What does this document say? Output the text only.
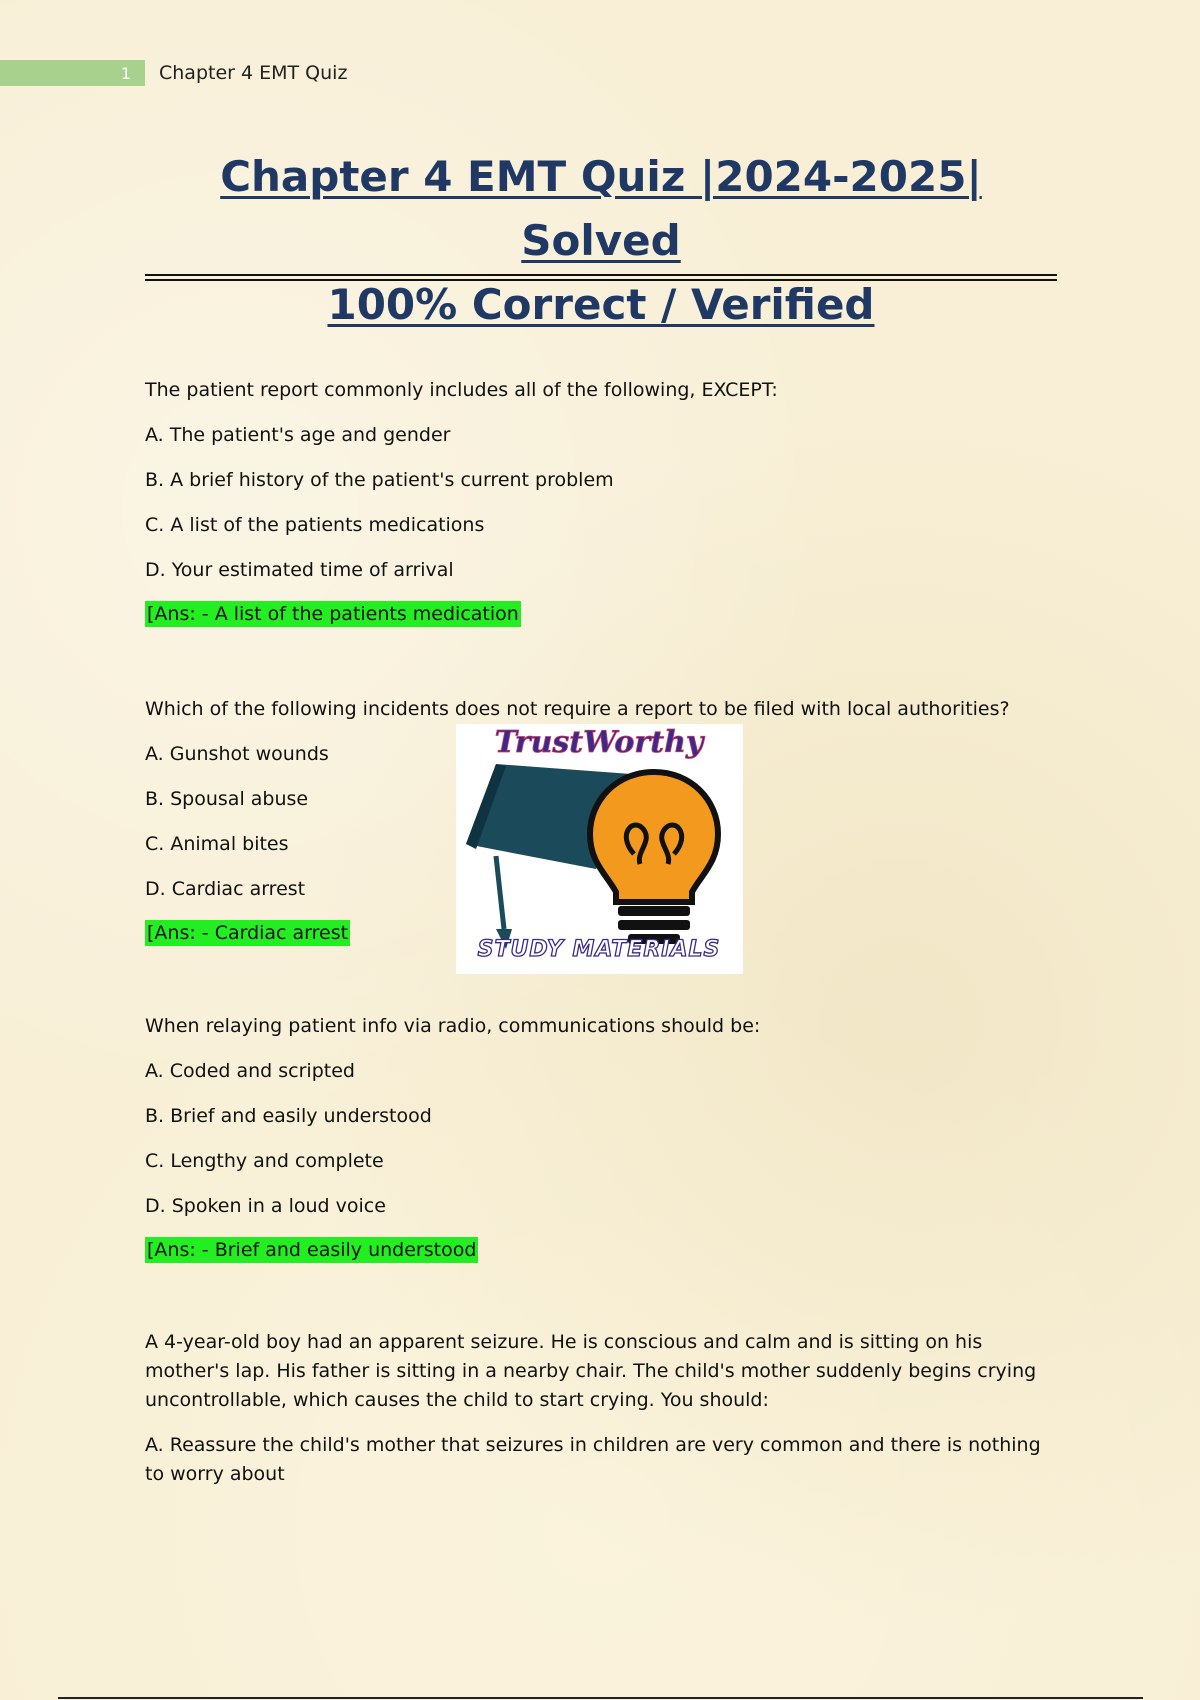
1	Chapter 4 EMT Quiz
Chapter 4 EMT Quiz |2024-2025| Solved
100% Correct / Verified

The patient report commonly includes all of the following, EXCEPT:

A. The patient's age and gender

B. A brief history of the patient's current problem

C. A list of the patients medications

D. Your estimated time of arrival

[Ans: - A list of the patients medication

Which of the following incidents does not require a report to be filed with local authorities?

A. Gunshot wounds

B. Spousal abuse

C. Animal bites

D. Cardiac arrest

[Ans: - Cardiac arrest
TrustWorthy
STUDY MATERIALS

When relaying patient info via radio, communications should be:

A. Coded and scripted

B. Brief and easily understood

C. Lengthy and complete

D. Spoken in a loud voice

[Ans: - Brief and easily understood

A 4-year-old boy had an apparent seizure. He is conscious and calm and is sitting on his mother's lap. His father is sitting in a nearby chair. The child's mother suddenly begins crying uncontrollable, which causes the child to start crying. You should:

A. Reassure the child's mother that seizures in children are very common and there is nothing to worry about
